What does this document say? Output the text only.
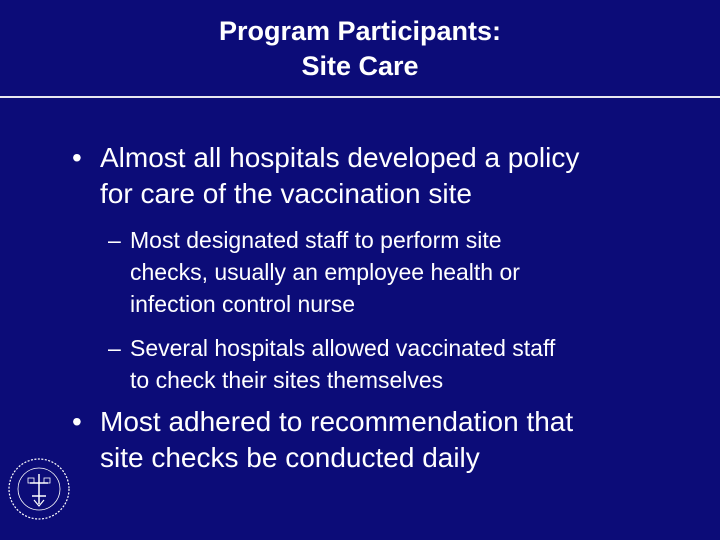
Program Participants:
Site Care
• Almost all hospitals developed a policy
for care of the vaccination site
– Most designated staff to perform site
checks, usually an employee health or
infection control nurse
– Several hospitals allowed vaccinated staff
to check their sites themselves
• Most adhered to recommendation that
site checks be conducted daily
